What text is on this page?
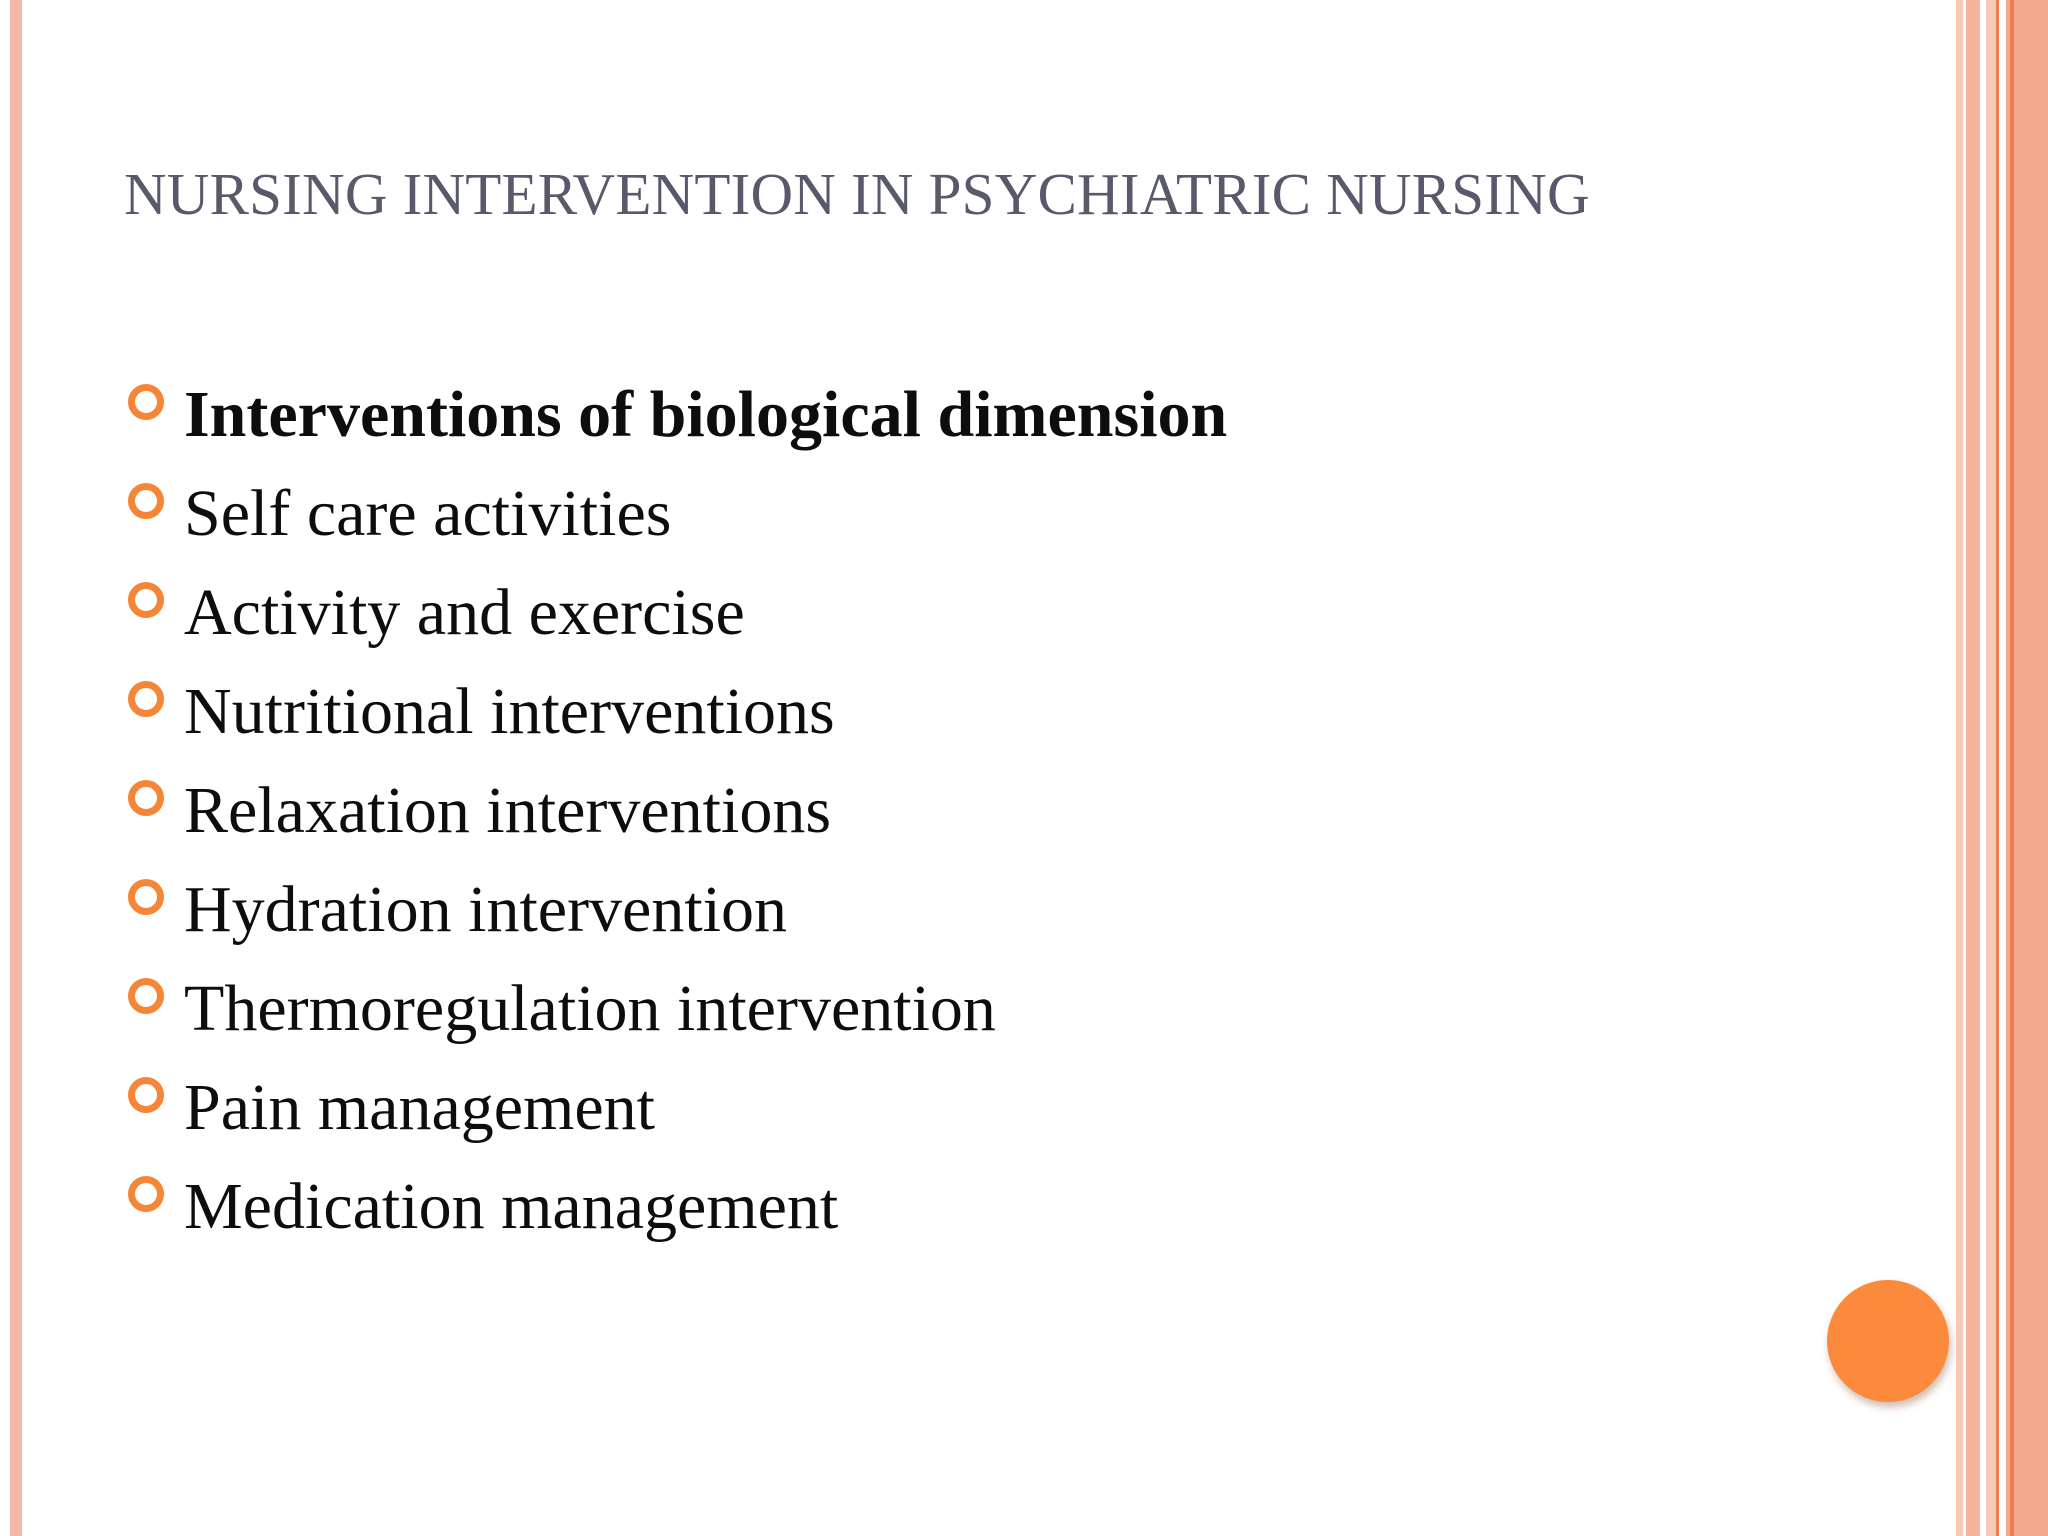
NURSING INTERVENTION IN PSYCHIATRIC NURSING
Interventions of biological dimension
Self care activities
Activity and exercise
Nutritional interventions
Relaxation interventions
Hydration intervention
Thermoregulation intervention
Pain management
Medication management
